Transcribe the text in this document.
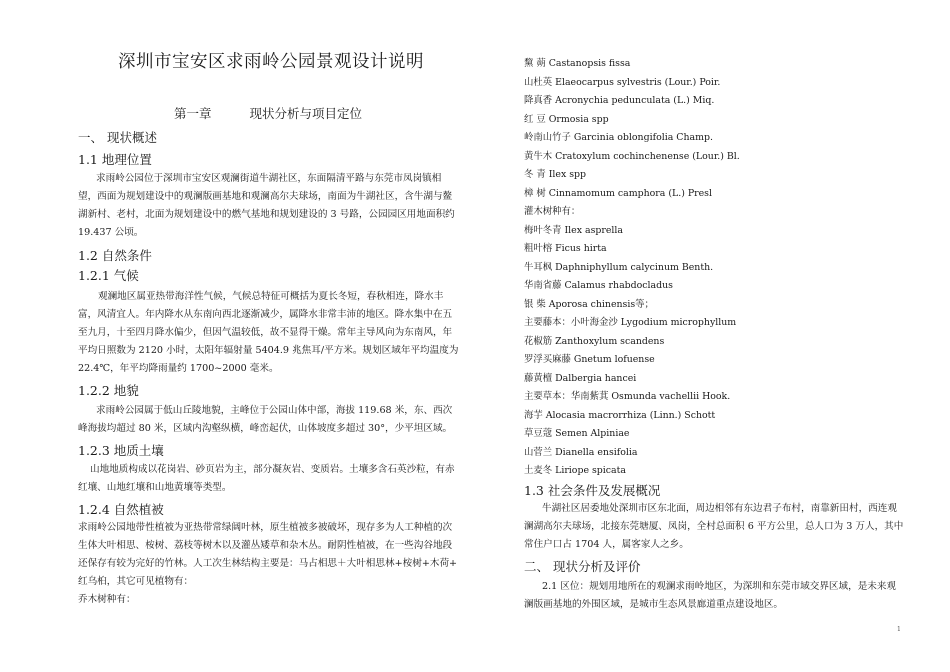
深圳市宝安区求雨岭公园景观设计说明
第一章	现状分析与项目定位
一、 现状概述
1.1 地理位置
求雨岭公园位于深圳市宝安区观澜街道牛湖社区，东面隔清平路与东莞市凤岗镇相
望，西面为规划建设中的观澜版画基地和观澜高尔夫球场，南面为牛湖社区，含牛湖与鳌
湖新村、老村，北面为规划建设中的燃气基地和规划建设的 3 号路，公园园区用地面积约
19.437 公顷。
1.2 自然条件
1.2.1 气候
观澜地区属亚热带海洋性气候，气候总特征可概括为夏长冬短，春秋相连，降水丰
富，风清宜人。年内降水从东南向西北逐渐减少，属降水非常丰沛的地区。降水集中在五
至九月，十至四月降水偏少，但因气温较低，故不显得干燥。常年主导风向为东南风，年
平均日照数为 2120 小时，太阳年辐射量 5404.9 兆焦耳/平方米。规划区域年平均温度为
22.4℃，年平均降雨量约 1700~2000 毫米。
1.2.2 地貌
求雨岭公园属于低山丘陵地貌，主峰位于公园山体中部，海拔 119.68 米，东、西次
峰海拔均超过 80 米，区域内沟壑纵横，峰峦起伏，山体坡度多超过 30°，少平坦区域。
1.2.3 地质土壤
山地地质构成以花岗岩、砂页岩为主，部分凝灰岩、变质岩。土壤多含石英沙粒，有赤
红壤、山地红壤和山地黄壤等类型。
1.2.4 自然植被
求雨岭公园地带性植被为亚热带常绿阔叶林，原生植被多被破坏，现存多为人工种植的次
生体大叶相思、桉树、荔枝等树木以及灌丛矮草和杂木丛。耐阴性植被，在一些沟谷地段
还保存有较为完好的竹林。人工次生林结构主要是：马占相思＋大叶相思林+桉树+木荷+
红乌桕，其它可见植物有：
乔木树种有：
黧 蒴 Castanopsis fissa
山杜英 Elaeocarpus sylvestris (Lour.) Poir.
降真香 Acronychia pedunculata (L.) Miq.
红 豆 Ormosia spp
岭南山竹子 Garcinia oblongifolia Champ.
黄牛木 Cratoxylum cochinchenense (Lour.) Bl.
冬 青 Ilex spp
樟 树 Cinnamomum camphora (L.) Presl
灌木树种有：
梅叶冬青 Ilex asprella
粗叶榕 Ficus hirta
牛耳枫 Daphniphyllum calycinum Benth.
华南省藤 Calamus rhabdocladus
银 柴 Aporosa chinensis等；
主要藤本：小叶海金沙 Lygodium microphyllum
花椒筋 Zanthoxylum scandens
罗浮买麻藤 Gnetum lofuense
藤黄檀 Dalbergia hancei
主要草本：华南紫萁 Osmunda vachellii Hook.
海芋 Alocasia macrorrhiza (Linn.) Schott
草豆蔻 Semen Alpiniae
山菅兰 Dianella ensifolia
土麦冬 Liriope spicata
1.3 社会条件及发展概况
牛湖社区居委地处深圳市区东北面，周边相邻有东边君子布村，南靠新田村，西连观
澜湖高尔夫球场，北接东莞塘厦、凤岗，全村总面积 6 平方公里，总人口为 3 万人，其中
常住户口占 1704 人，属客家人之乡。
二、 现状分析及评价
2.1 区位：规划用地所在的观澜求雨岭地区，为深圳和东莞市域交界区域，是未来观
澜版画基地的外围区域，是城市生态风景廊道重点建设地区。
1
